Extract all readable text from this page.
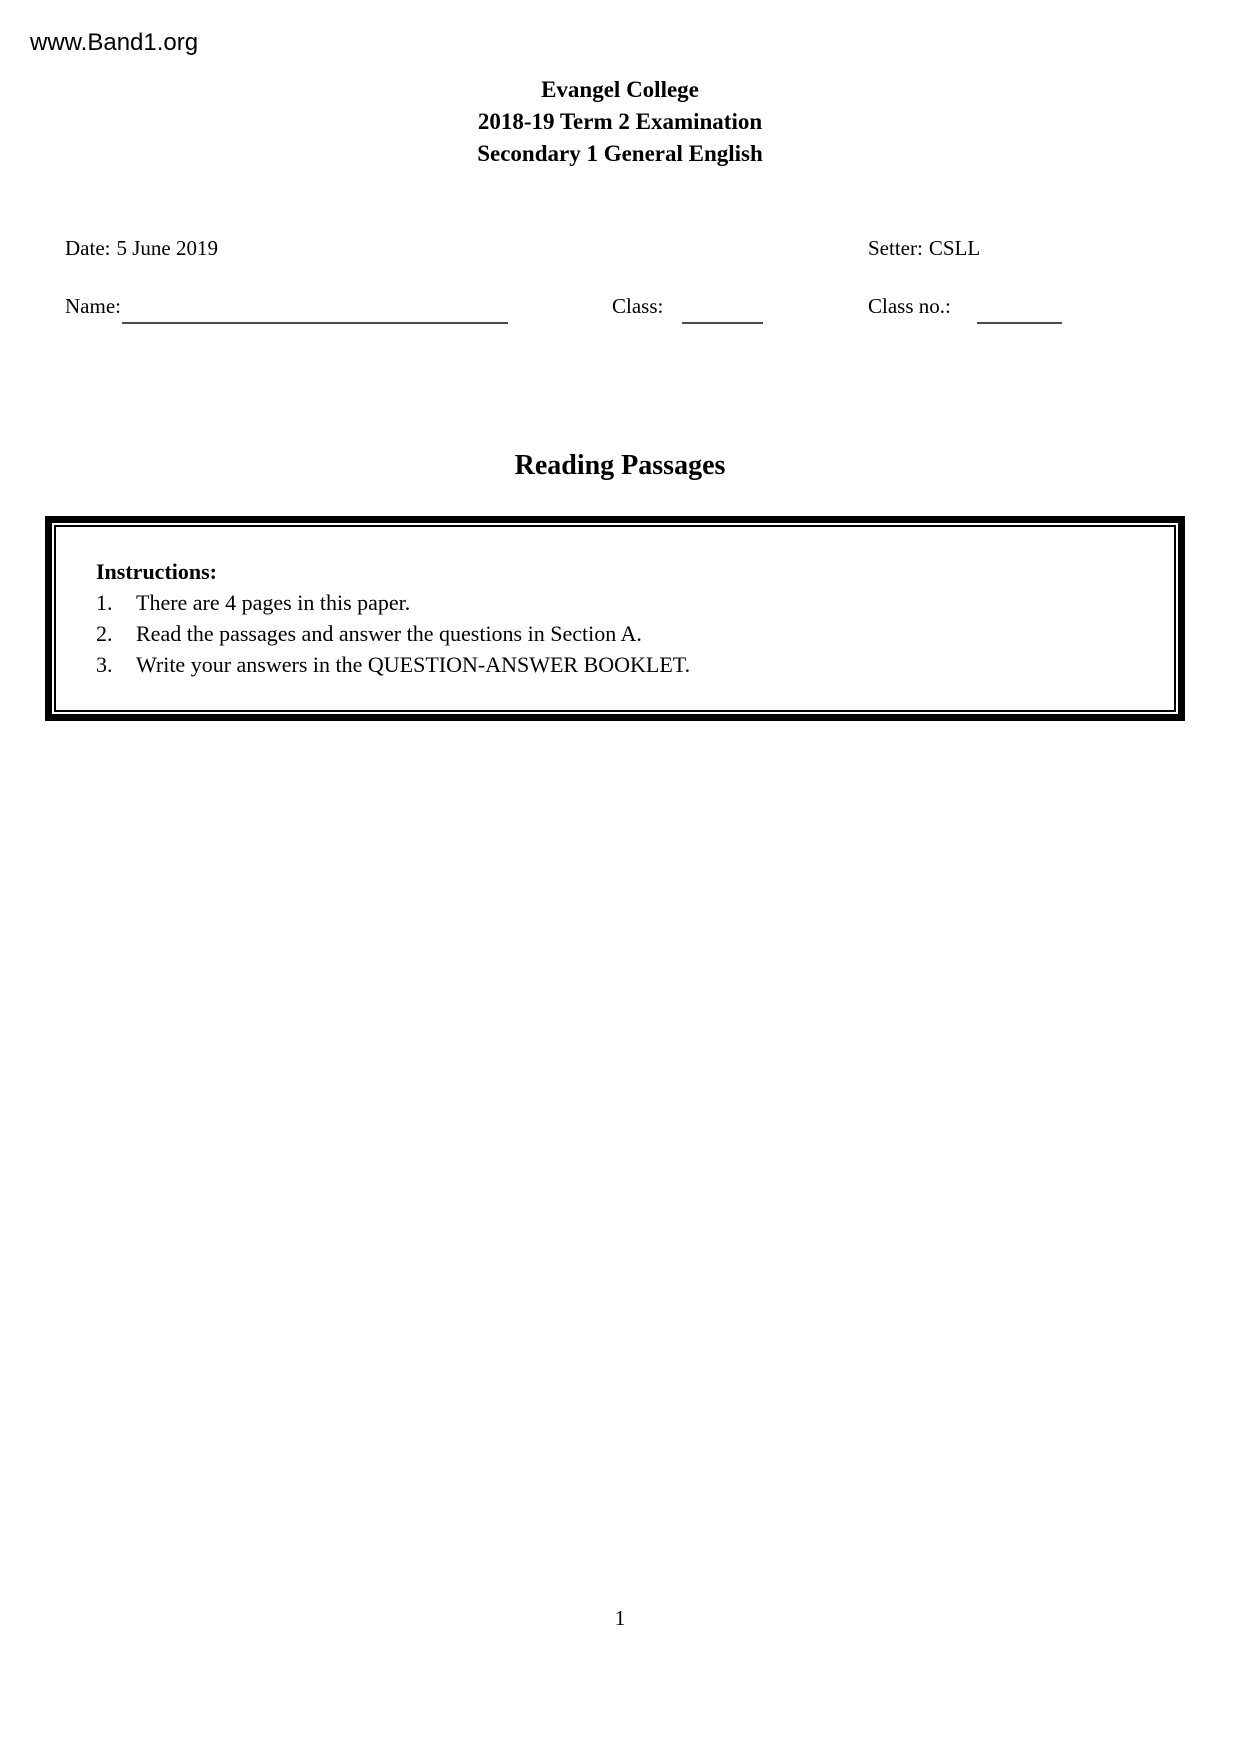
www.Band1.org
Evangel College
2018-19 Term 2 Examination
Secondary 1 General English
Date: 5 June 2019	Setter: CSLL
Name:	Class:	Class no.:
Reading Passages
Instructions:
1.	There are 4 pages in this paper.
2.	Read the passages and answer the questions in Section A.
3.	Write your answers in the QUESTION-ANSWER BOOKLET.
1
